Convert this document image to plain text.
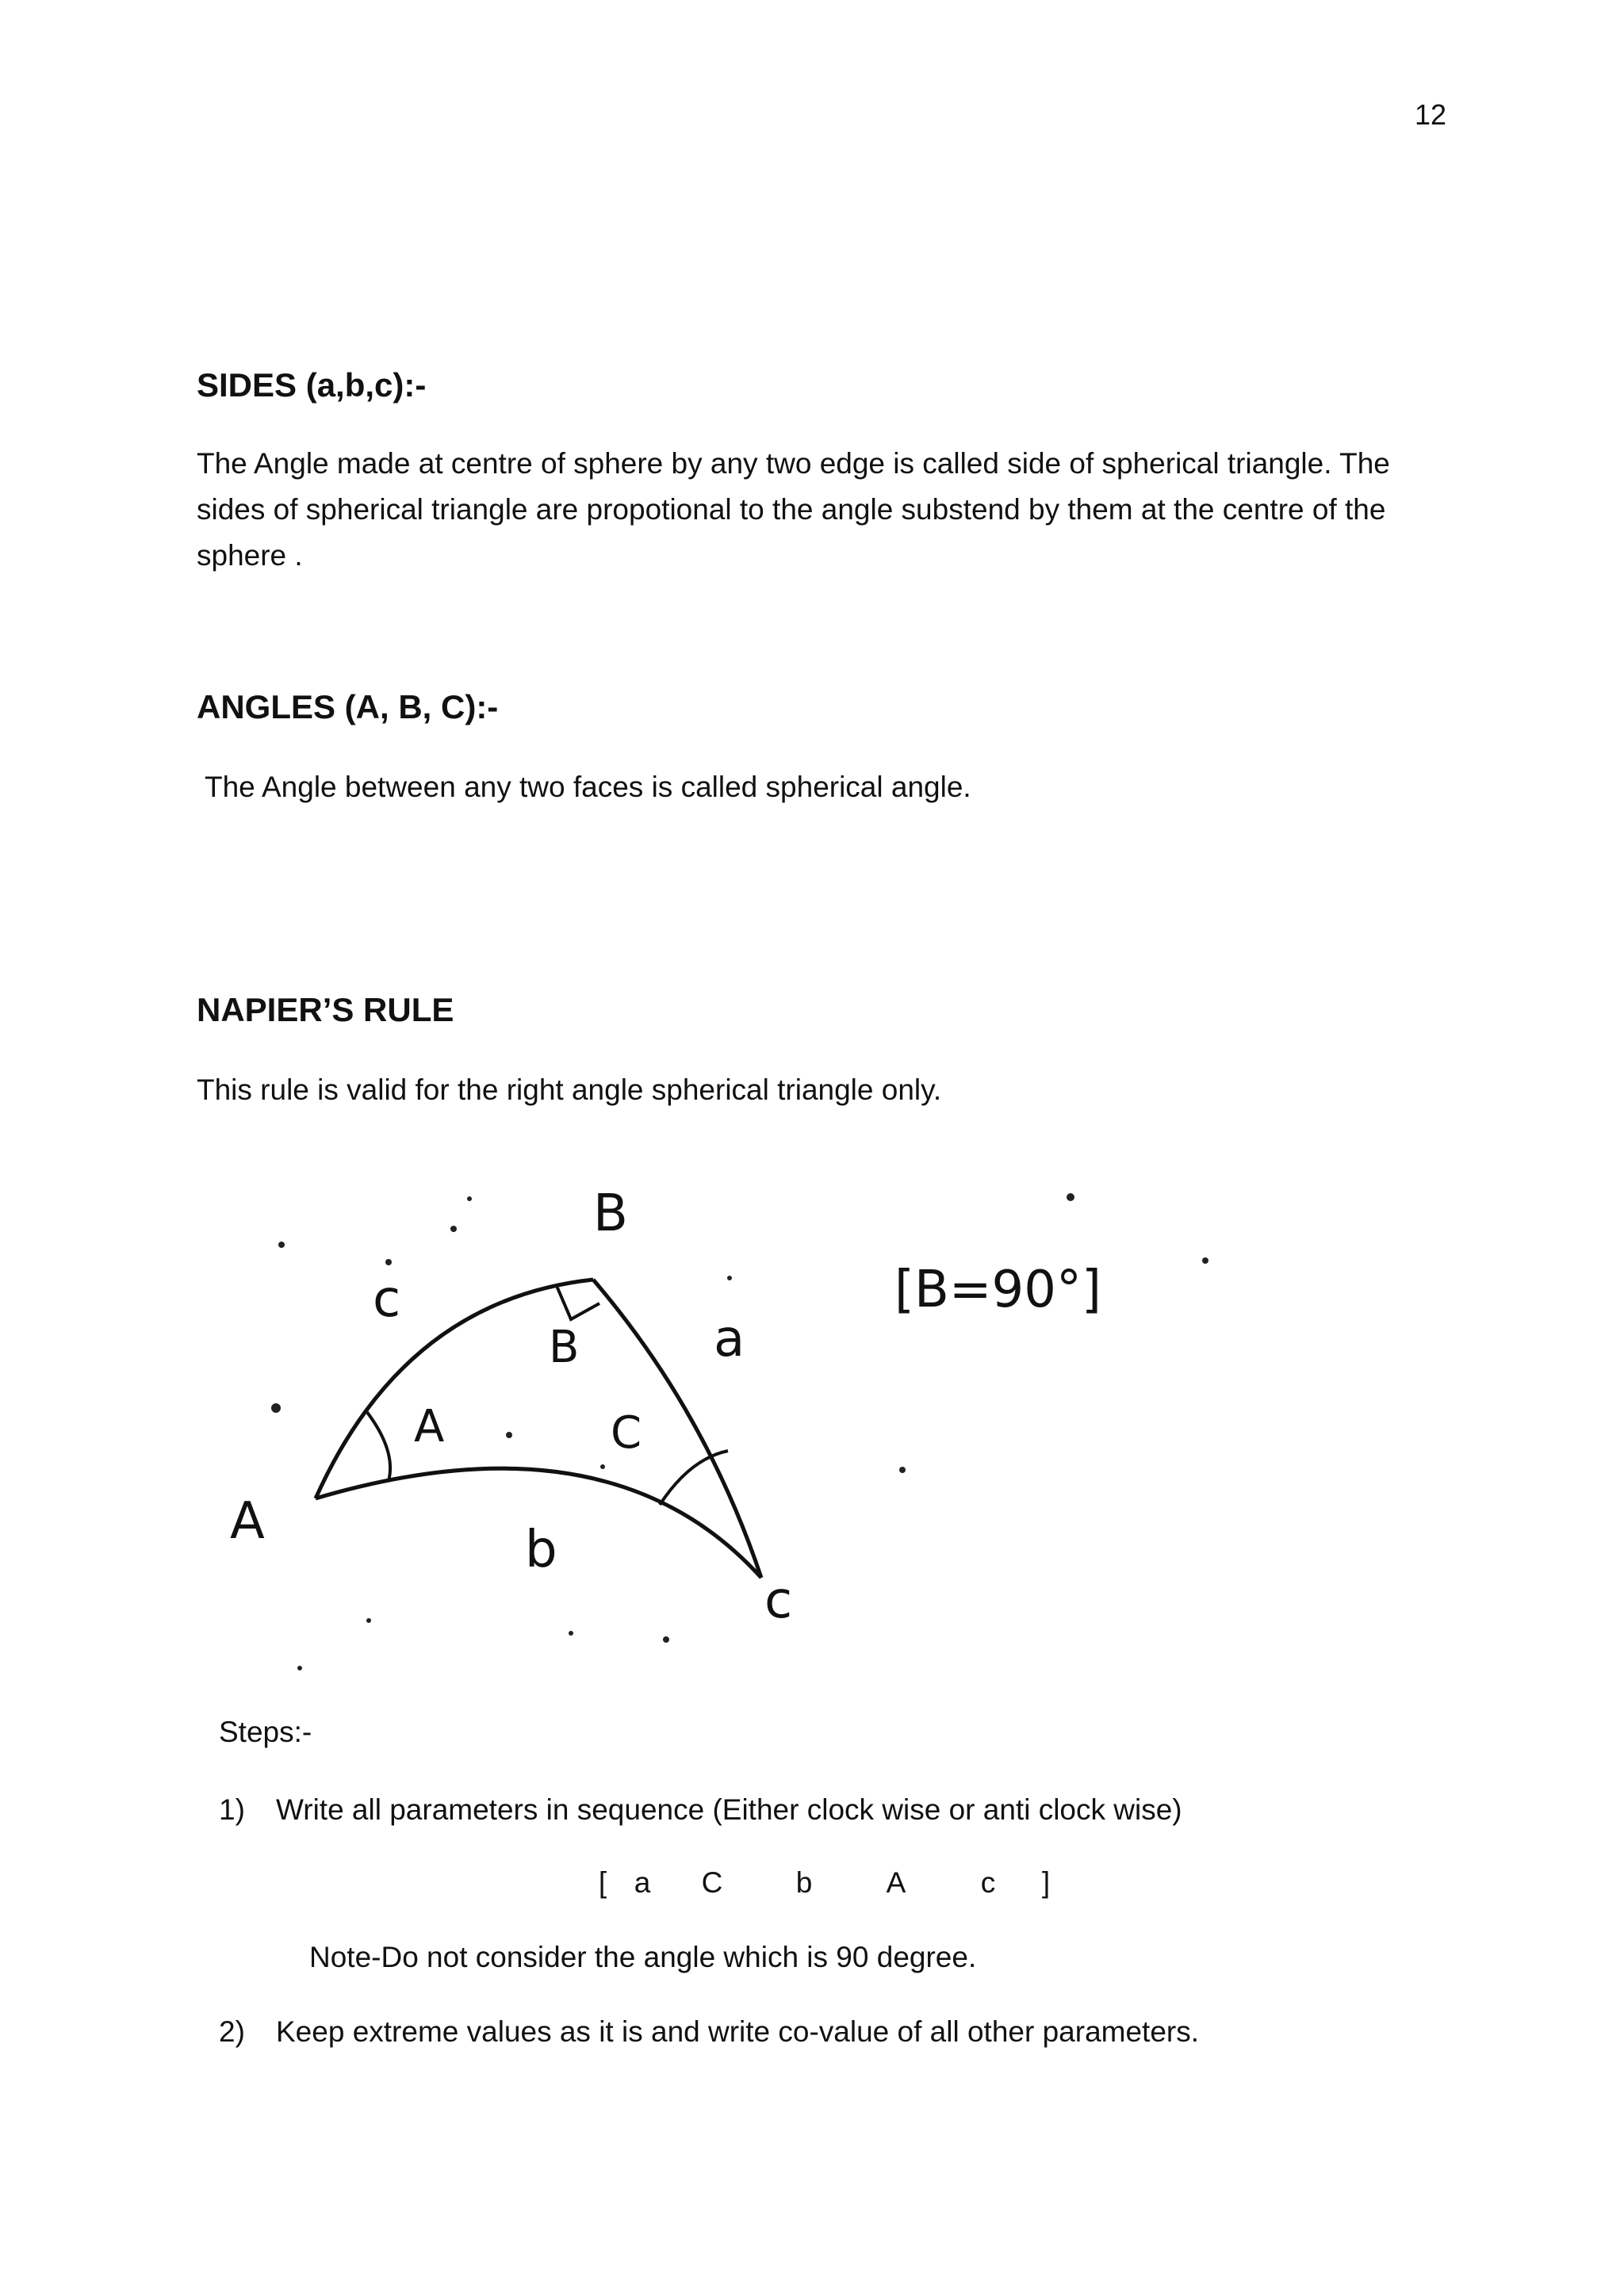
12
SIDES (a,b,c):-

The Angle made at centre of sphere by any two edge is called side of spherical triangle. The sides of spherical triangle are propotional to the angle substend by them at the centre of the sphere .

ANGLES (A, B, C):-

The Angle between any two faces is called spherical angle.

NAPIER’S RULE

This rule is valid for the right angle spherical triangle only.

B
A
c
c
a
b
A
B
C
[B=90°]
Steps:-
1)	Write all parameters in sequence (Either clock wise or anti clock wise)
[ a	C	b	A	c	]
Note-Do not consider the angle which is 90 degree.
2)	Keep extreme values as it is and write co-value of all other parameters.
